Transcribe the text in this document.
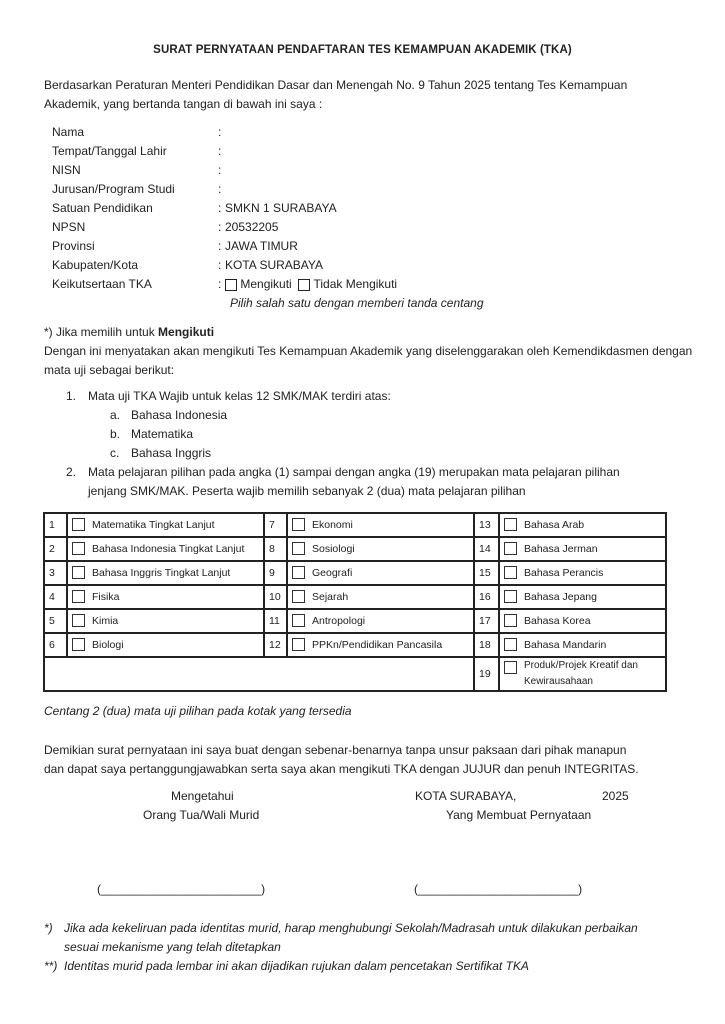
SURAT PERNYATAAN PENDAFTARAN TES KEMAMPUAN AKADEMIK (TKA)
Berdasarkan Peraturan Menteri Pendidikan Dasar dan Menengah No. 9 Tahun 2025 tentang Tes Kemampuan Akademik, yang bertanda tangan di bawah ini saya :
Nama	:
Tempat/Tanggal Lahir	:
NISN	:
Jurusan/Program Studi	:
Satuan Pendidikan	: SMKN 1 SURABAYA
NPSN	: 20532205
Provinsi	: JAWA TIMUR
Kabupaten/Kota	: KOTA SURABAYA
Keikutsertaan TKA	:	Mengikuti Tidak Mengikuti
Pilih salah satu dengan memberi tanda centang
*) Jika memilih untuk Mengikuti
Dengan ini menyatakan akan mengikuti Tes Kemampuan Akademik yang diselenggarakan oleh Kemendikdasmen dengan mata uji sebagai berikut:
1. Mata uji TKA Wajib untuk kelas 12 SMK/MAK terdiri atas:
a. Bahasa Indonesia
b. Matematika
c. Bahasa Inggris
2. Mata pelajaran pilihan pada angka (1) sampai dengan angka (19) merupakan mata pelajaran pilihan
jenjang SMK/MAK. Peserta wajib memilih sebanyak 2 (dua) mata pelajaran pilihan
1		Matematika Tingkat Lanjut	7		Ekonomi	13		Bahasa Arab
2		Bahasa Indonesia Tingkat Lanjut	8		Sosiologi	14		Bahasa Jerman
3		Bahasa Inggris Tingkat Lanjut	9		Geografi	15		Bahasa Perancis
4		Fisika	10		Sejarah	16		Bahasa Jepang
5		Kimia	11		Antropologi	17		Bahasa Korea
6		Biologi	12		PPKn/Pendidikan Pancasila	18		Bahasa Mandarin
						19		Produk/Projek Kreatif dan Kewirausahaan
Centang 2 (dua) mata uji pilihan pada kotak yang tersedia
Demikian surat pernyataan ini saya buat dengan sebenar-benarnya tanpa unsur paksaan dari pihak manapun
dan dapat saya pertanggungjawabkan serta saya akan mengikuti TKA dengan JUJUR dan penuh INTEGRITAS.
Mengetahui
Orang Tua/Wali Murid
KOTA SURABAYA,	2025
Yang Membuat Pernyataan
(________________________)	(________________________)
*) Jika ada kekeliruan pada identitas murid, harap menghubungi Sekolah/Madrasah untuk dilakukan perbaikan
sesuai mekanisme yang telah ditetapkan
**) Identitas murid pada lembar ini akan dijadikan rujukan dalam pencetakan Sertifikat TKA
